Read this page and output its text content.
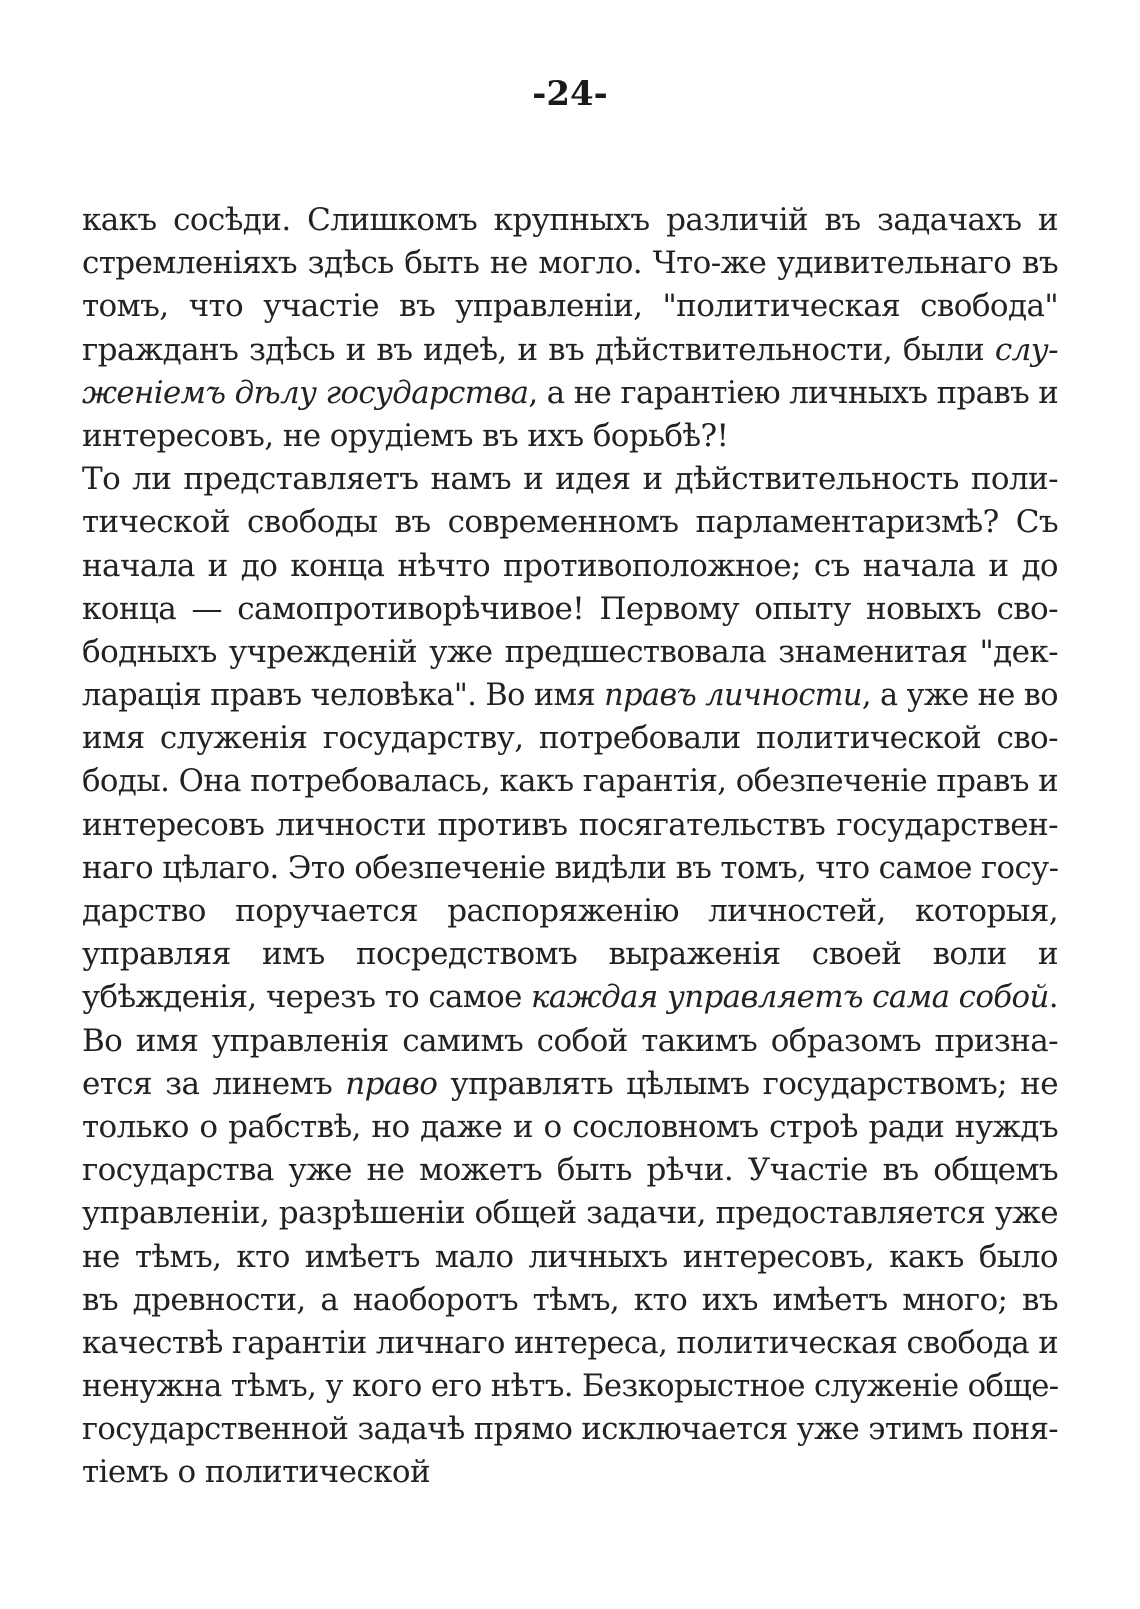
-24-
какъ сосѣди. Слишкомъ крупныхъ различій въ задачахъ и
стремленіяхъ здѣсь быть не могло. Что-же удивительнаго въ
томъ, что участіе въ управленіи, "политическая свобода"
гражданъ здѣсь и въ идеѣ, и въ дѣйствительности, были слу-
женіемъ дѣлу государства, а не гарантіею личныхъ правъ и
интересовъ, не орудіемъ въ ихъ борьбѣ?!
То ли представляетъ намъ и идея и дѣйствительность поли-
тической свободы въ современномъ парламентаризмѣ? Съ
начала и до конца нѣчто противоположное; съ начала и до
конца — самопротиворѣчивое! Первому опыту новыхъ сво-
бодныхъ учрежденій уже предшествовала знаменитая "дек-
ларація правъ человѣка". Во имя правъ личности, а уже не во
имя служенія государству, потребовали политической сво-
боды. Она потребовалась, какъ гарантія, обезпеченіе правъ и
интересовъ личности противъ посягательствъ государствен-
наго цѣлаго. Это обезпеченіе видѣли въ томъ, что самое госу-
дарство поручается распоряженію личностей, которыя,
управляя имъ посредствомъ выраженія своей воли и
убѣжденія, черезъ то самое каждая управляетъ сама собой.
Во имя управленія самимъ собой такимъ образомъ призна-
ется за линемъ право управлять цѣлымъ государствомъ; не
только о рабствѣ, но даже и о сословномъ строѣ ради нуждъ
государства уже не можетъ быть рѣчи. Участіе въ общемъ
управленіи, разрѣшеніи общей задачи, предоставляется уже
не тѣмъ, кто имѣетъ мало личныхъ интересовъ, какъ было
въ древности, а наоборотъ тѣмъ, кто ихъ имѣетъ много; въ
качествѣ гарантіи личнаго интереса, политическая свобода и
ненужна тѣмъ, у кого его нѣтъ. Безкорыстное служеніе обще-
государственной задачѣ прямо исключается уже этимъ поня-
тіемъ о политической
